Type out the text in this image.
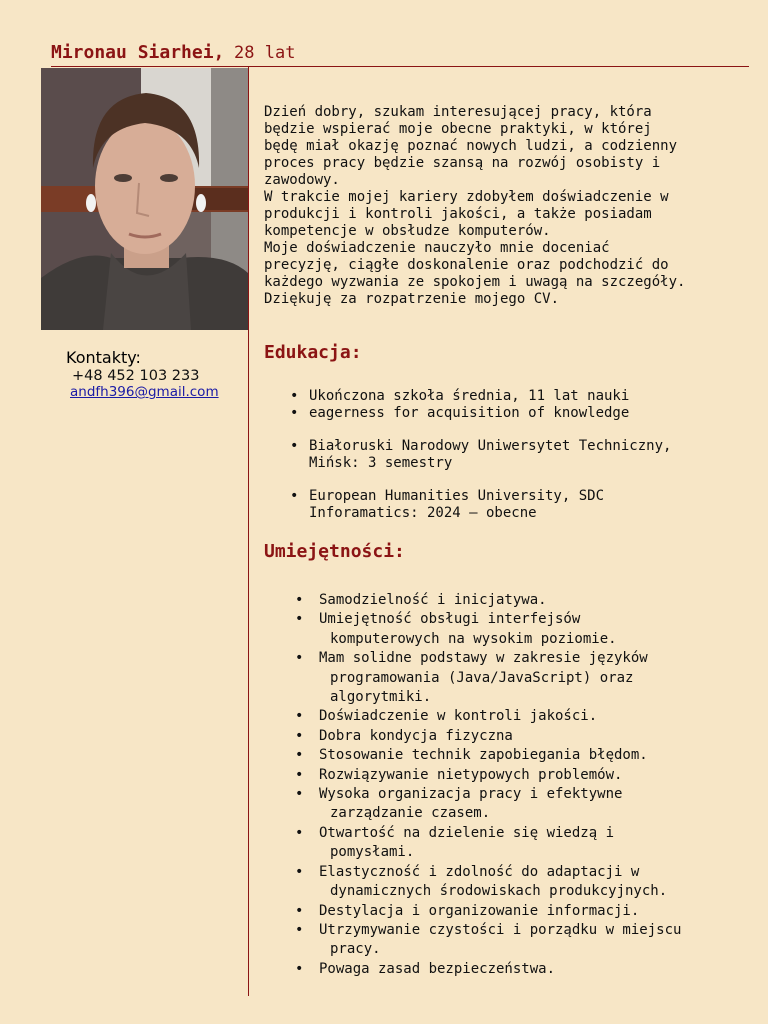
Mironau Siarhei, 28 lat
Kontakty:
+48 452 103 233
andfh396@gmail.com

Dzień dobry, szukam interesującej pracy, która

będzie wspierać moje obecne praktyki, w której

będę miał okazję poznać nowych ludzi, a codzienny

proces pracy będzie szansą na rozwój osobisty i

zawodowy.

W trakcie mojej kariery zdobyłem doświadczenie w

produkcji i kontroli jakości, a także posiadam

kompetencje w obsłudze komputerów.

Moje doświadczenie nauczyło mnie doceniać

precyzję, ciągłe doskonalenie oraz podchodzić do

każdego wyzwania ze spokojem i uwagą na szczegóły.

Dziękuję za rozpatrzenie mojego CV.

Edukacja:
• Ukończona szkoła średnia, 11 lat nauki
• eagerness for acquisition of knowledge
• Białoruski Narodowy Uniwersytet Techniczny,
Mińsk: 3 semestry
• European Humanities University, SDC
Inforamatics: 2024 – obecne
Umiejętności:
• Samodzielność i inicjatywa.
• Umiejętność obsługi interfejsów
komputerowych na wysokim poziomie.
• Mam solidne podstawy w zakresie języków
programowania (Java/JavaScript) oraz
algorytmiki.
• Doświadczenie w kontroli jakości.
• Dobra kondycja fizyczna
• Stosowanie technik zapobiegania błędom.
• Rozwiązywanie nietypowych problemów.
• Wysoka organizacja pracy i efektywne
zarządzanie czasem.
• Otwartość na dzielenie się wiedzą i
pomysłami.
• Elastyczność i zdolność do adaptacji w
dynamicznych środowiskach produkcyjnych.
• Destylacja i organizowanie informacji.
• Utrzymywanie czystości i porządku w miejscu
pracy.
• Powaga zasad bezpieczeństwa.
